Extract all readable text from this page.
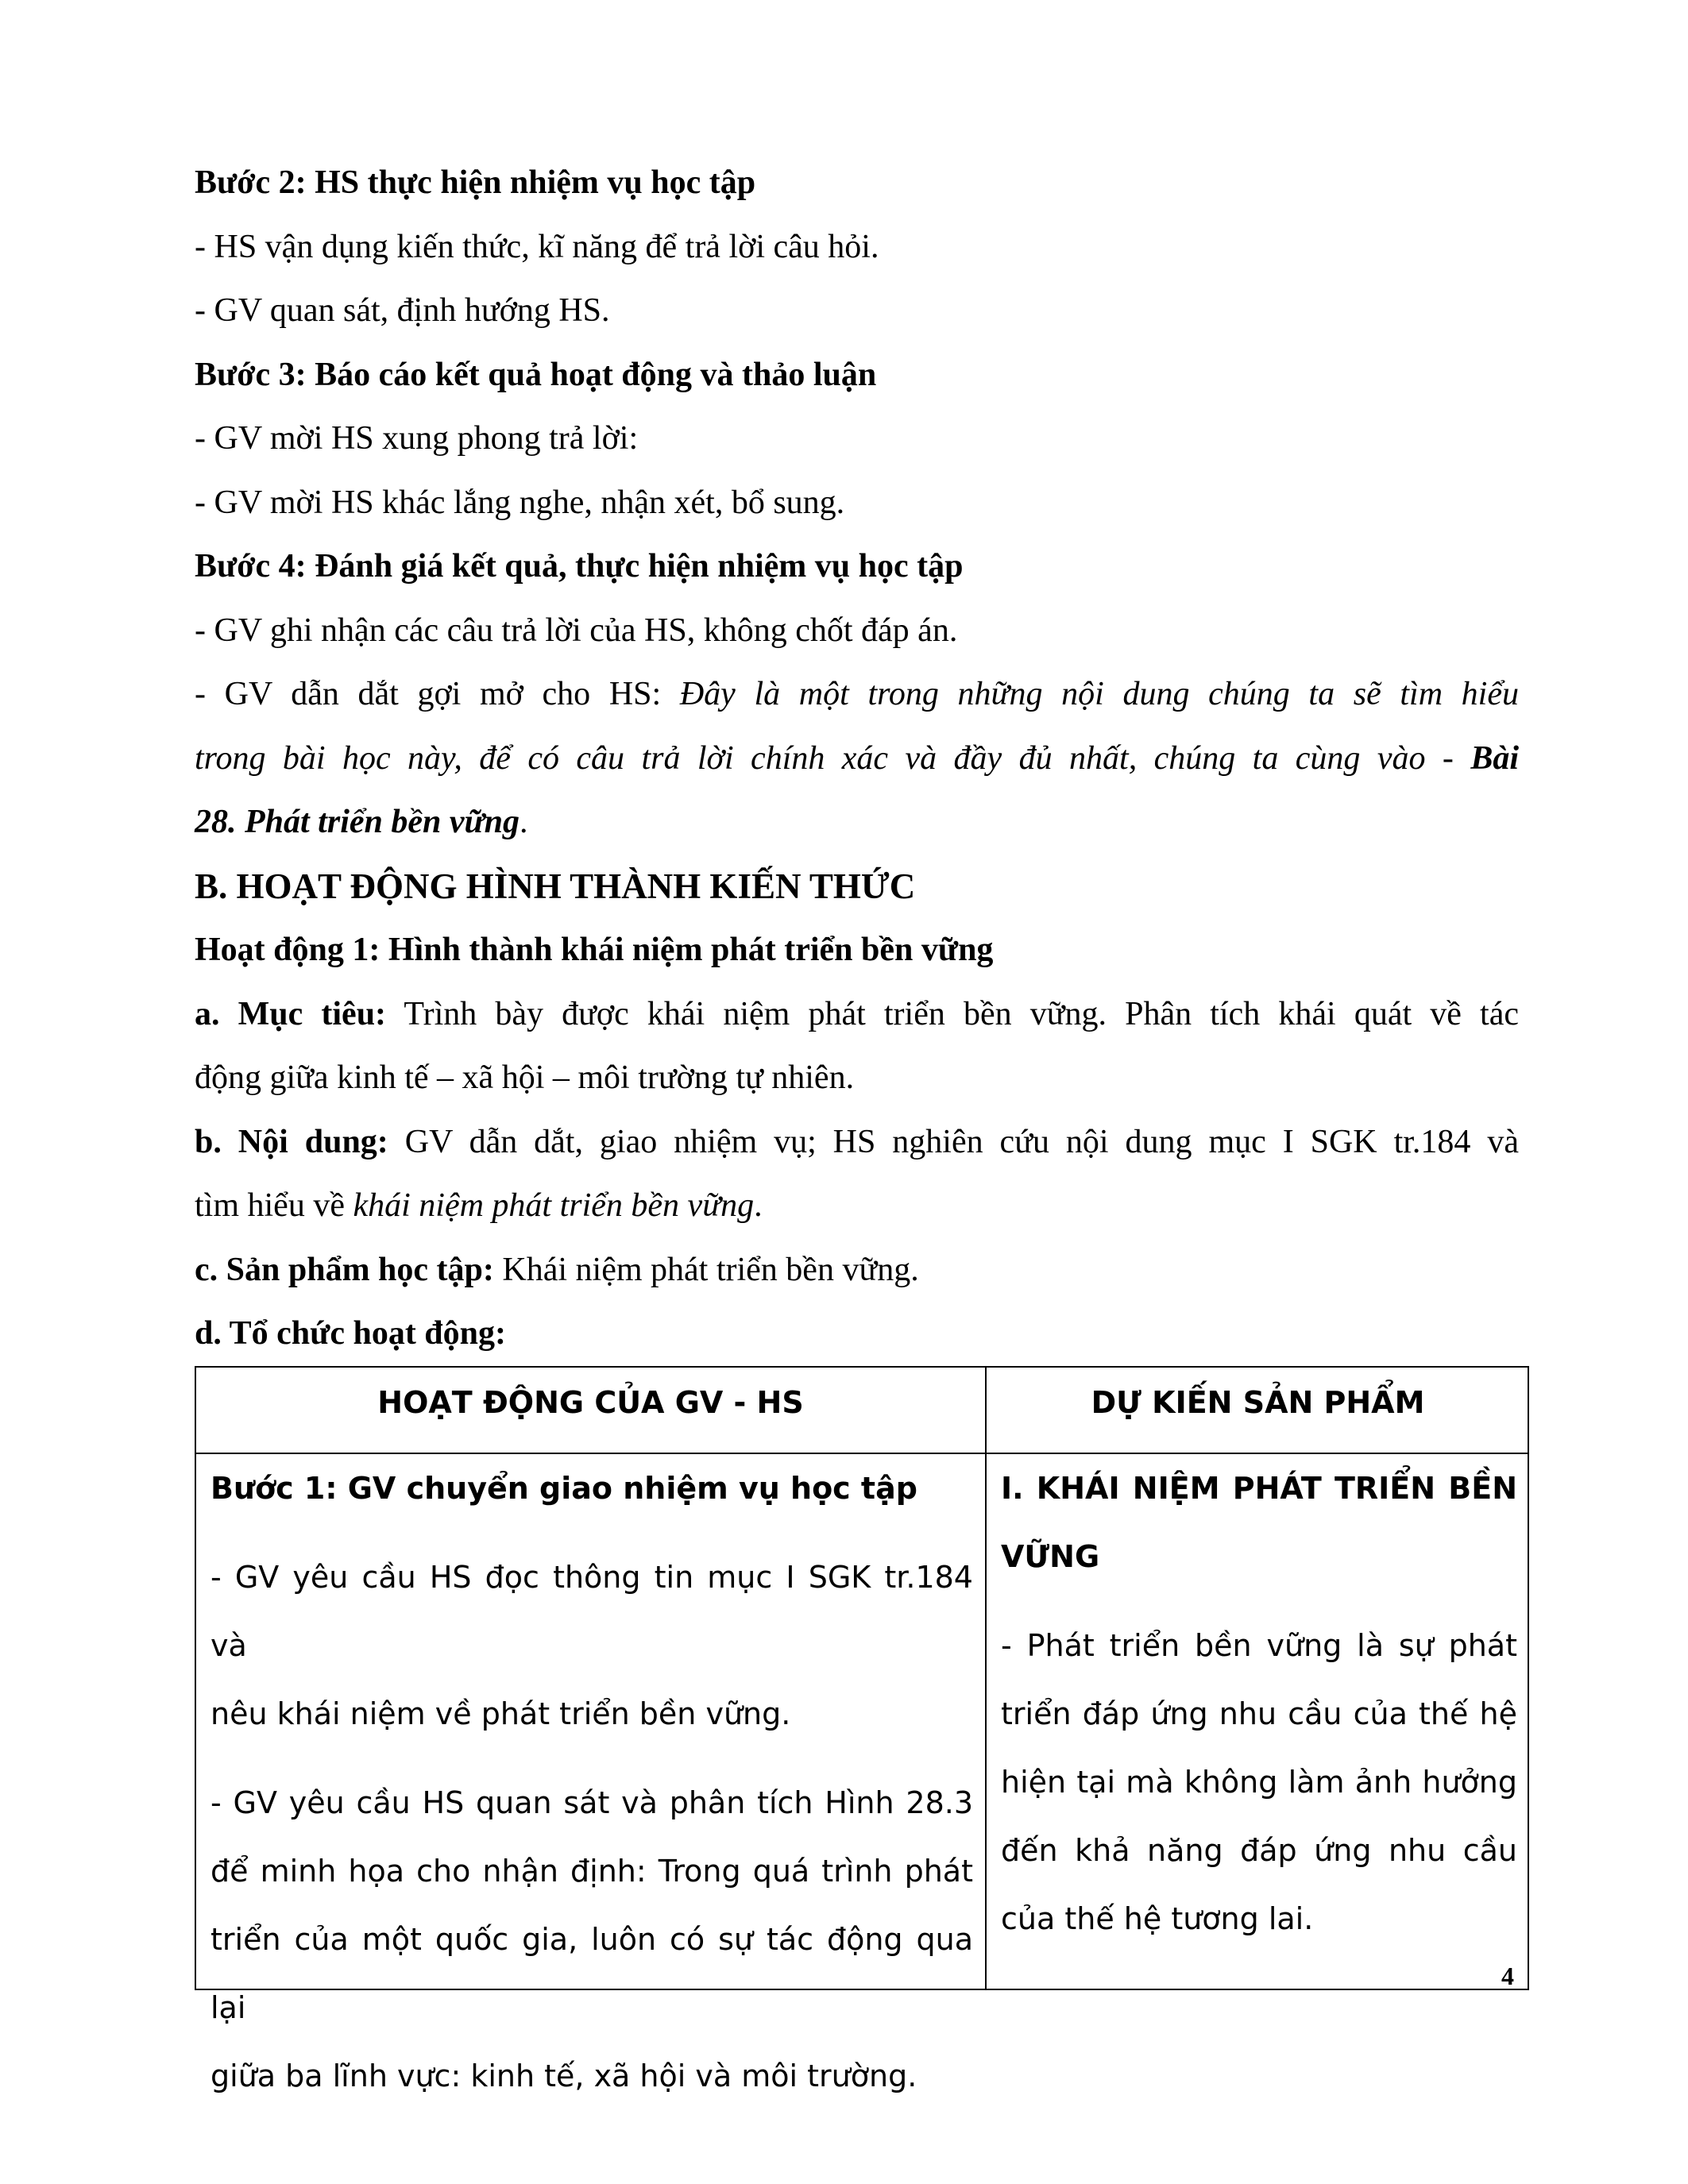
Bước 2: HS thực hiện nhiệm vụ học tập

- HS vận dụng kiến thức, kĩ năng để trả lời câu hỏi.

- GV quan sát, định hướng HS.

Bước 3: Báo cáo kết quả hoạt động và thảo luận

- GV mời HS xung phong trả lời:

- GV mời HS khác lắng nghe, nhận xét, bổ sung.

Bước 4: Đánh giá kết quả, thực hiện nhiệm vụ học tập

- GV ghi nhận các câu trả lời của HS, không chốt đáp án.

- GV dẫn dắt gợi mở cho HS: Đây là một trong những nội dung chúng ta sẽ tìm hiểu

trong bài học này, để có câu trả lời chính xác và đầy đủ nhất, chúng ta cùng vào - Bài

28. Phát triển bền vững.

B. HOẠT ĐỘNG HÌNH THÀNH KIẾN THỨC

Hoạt động 1: Hình thành khái niệm phát triển bền vững

a. Mục tiêu: Trình bày được khái niệm phát triển bền vững. Phân tích khái quát về tác

động giữa kinh tế – xã hội – môi trường tự nhiên.

b. Nội dung: GV dẫn dắt, giao nhiệm vụ; HS nghiên cứu nội dung mục I SGK tr.184 và

tìm hiểu về khái niệm phát triển bền vững.

c. Sản phẩm học tập: Khái niệm phát triển bền vững.

d. Tổ chức hoạt động:

HOẠT ĐỘNG CỦA GV - HS	DỰ KIẾN SẢN PHẨM

Bước 1: GV chuyển giao nhiệm vụ học tập

- GV yêu cầu HS đọc thông tin mục I SGK tr.184 và

nêu khái niệm về phát triển bền vững.

- GV yêu cầu HS quan sát và phân tích Hình 28.3

để minh họa cho nhận định: Trong quá trình phát

triển của một quốc gia, luôn có sự tác động qua lại

giữa ba lĩnh vực: kinh tế, xã hội và môi trường.

I. KHÁI NIỆM PHÁT TRIỂN BỀN

VỮNG

- Phát triển bền vững là sự phát

triển đáp ứng nhu cầu của thế hệ

hiện tại mà không làm ảnh hưởng

đến khả năng đáp ứng nhu cầu

của thế hệ tương lai.

4
